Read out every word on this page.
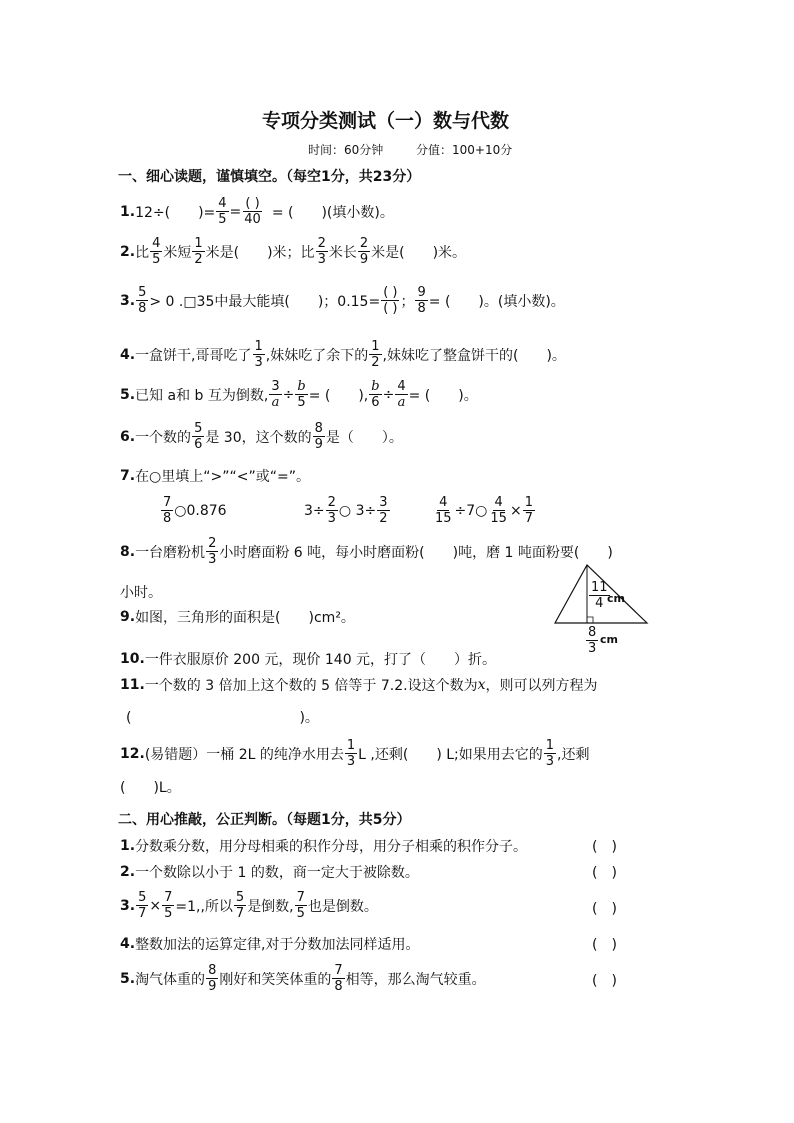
专项分类测试（一）数与代数
时间：60分钟	分值：100+10分
一、细心读题，谨慎填空。（每空1分，共23分）
1. 12÷(　　)= $\frac{4}{5}$ = ( )
40 = (　　)(填小数)。
2. 比
4
5 米短
1
2 米是(　　)米；比
2
3 米长
2
9 米是(　　)米。
3. 5
8 > 0 .□35中最大能填(　　)；0.15=
( )
( ) ； $\frac{9}{8}$ = (　　)。(填小数)。
4. 一盒饼干,哥哥吃了
1
3 ,妹妹吃了余下的
1
2 ,妹妹吃了整盒饼干的(　　)。
5. 已知 a和 b 互为倒数, $\frac{3}{a} \div \frac{b}{5}$ = (　　), $\frac{b}{6} \div \frac{4}{a}$ = (　　)。
6. 一个数的
5
6 是 30，这个数的
8
9 是（　　）。
7. 在○里填上“>”“<”或“=”。
7
8 ○0.876	$3\div \frac{2}{3}$ ○ $3\div \frac{3}{2}$	$\frac{4}{15}$ ÷7○ $\frac{4}{15} \times \frac{1}{7}$
8. 一台磨粉机
2
3 小时磨面粉 6 吨，每小时磨面粉(　　)吨，磨 1 吨面粉要(　　)
小时。
9. 如图，三角形的面积是(　　)cm²。
11
4 cm
8
3
cm
10. 一件衣服原价 200 元，现价 140 元，打了（　　）折。
11. 一个数的 3 倍加上这个数的 5 倍等于 7.2.设这个数为 x ，则可以列方程为
(　　　　　　　　　　　　)。
12. (易错题）一桶 2L 的纯净水用去
1
3 L ,还剩(　　) L;如果用去它的
1
3 ,还剩
(　　)L。
二、用心推敲，公正判断。（每题1分，共5分）
1. 分数乘分数，用分母相乘的积作分母，用分子相乘的积作分子。	(　)
2. 一个数除以小于 1 的数，商一定大于被除数。	(　)
3. $\frac{5}{7} \times \frac{7}{5} =1$,,所以
5
7 是倒数,
7
5 也是倒数。	(　)
4. 整数加法的运算定律,对于分数加法同样适用。	(　)
5. 淘气体重的
8
9 刚好和笑笑体重的
7
8 相等，那么淘气较重。	(　)
